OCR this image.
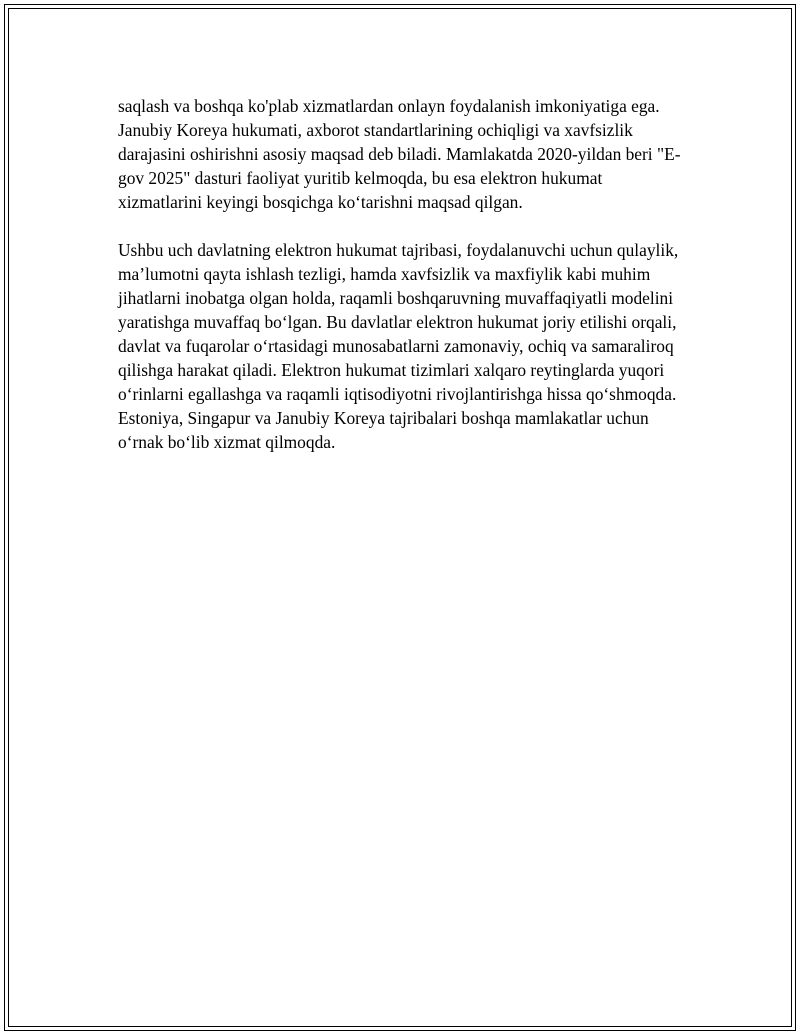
saqlash va boshqa ko'plab xizmatlardan onlayn foydalanish imkoniyatiga ega. Janubiy Koreya hukumati, axborot standartlarining ochiqligi va xavfsizlik darajasini oshirishni asosiy maqsad deb biladi. Mamlakatda 2020-yildan beri "E-gov 2025" dasturi faoliyat yuritib kelmoqda, bu esa elektron hukumat xizmatlarini keyingi bosqichga ko‘tarishni maqsad qilgan.

Ushbu uch davlatning elektron hukumat tajribasi, foydalanuvchi uchun qulaylik, ma’lumotni qayta ishlash tezligi, hamda xavfsizlik va maxfiylik kabi muhim jihatlarni inobatga olgan holda, raqamli boshqaruvning muvaffaqiyatli modelini yaratishga muvaffaq bo‘lgan. Bu davlatlar elektron hukumat joriy etilishi orqali, davlat va fuqarolar o‘rtasidagi munosabatlarni zamonaviy, ochiq va samaraliroq qilishga harakat qiladi. Elektron hukumat tizimlari xalqaro reytinglarda yuqori o‘rinlarni egallashga va raqamli iqtisodiyotni rivojlantirishga hissa qo‘shmoqda. Estoniya, Singapur va Janubiy Koreya tajribalari boshqa mamlakatlar uchun o‘rnak bo‘lib xizmat qilmoqda.
